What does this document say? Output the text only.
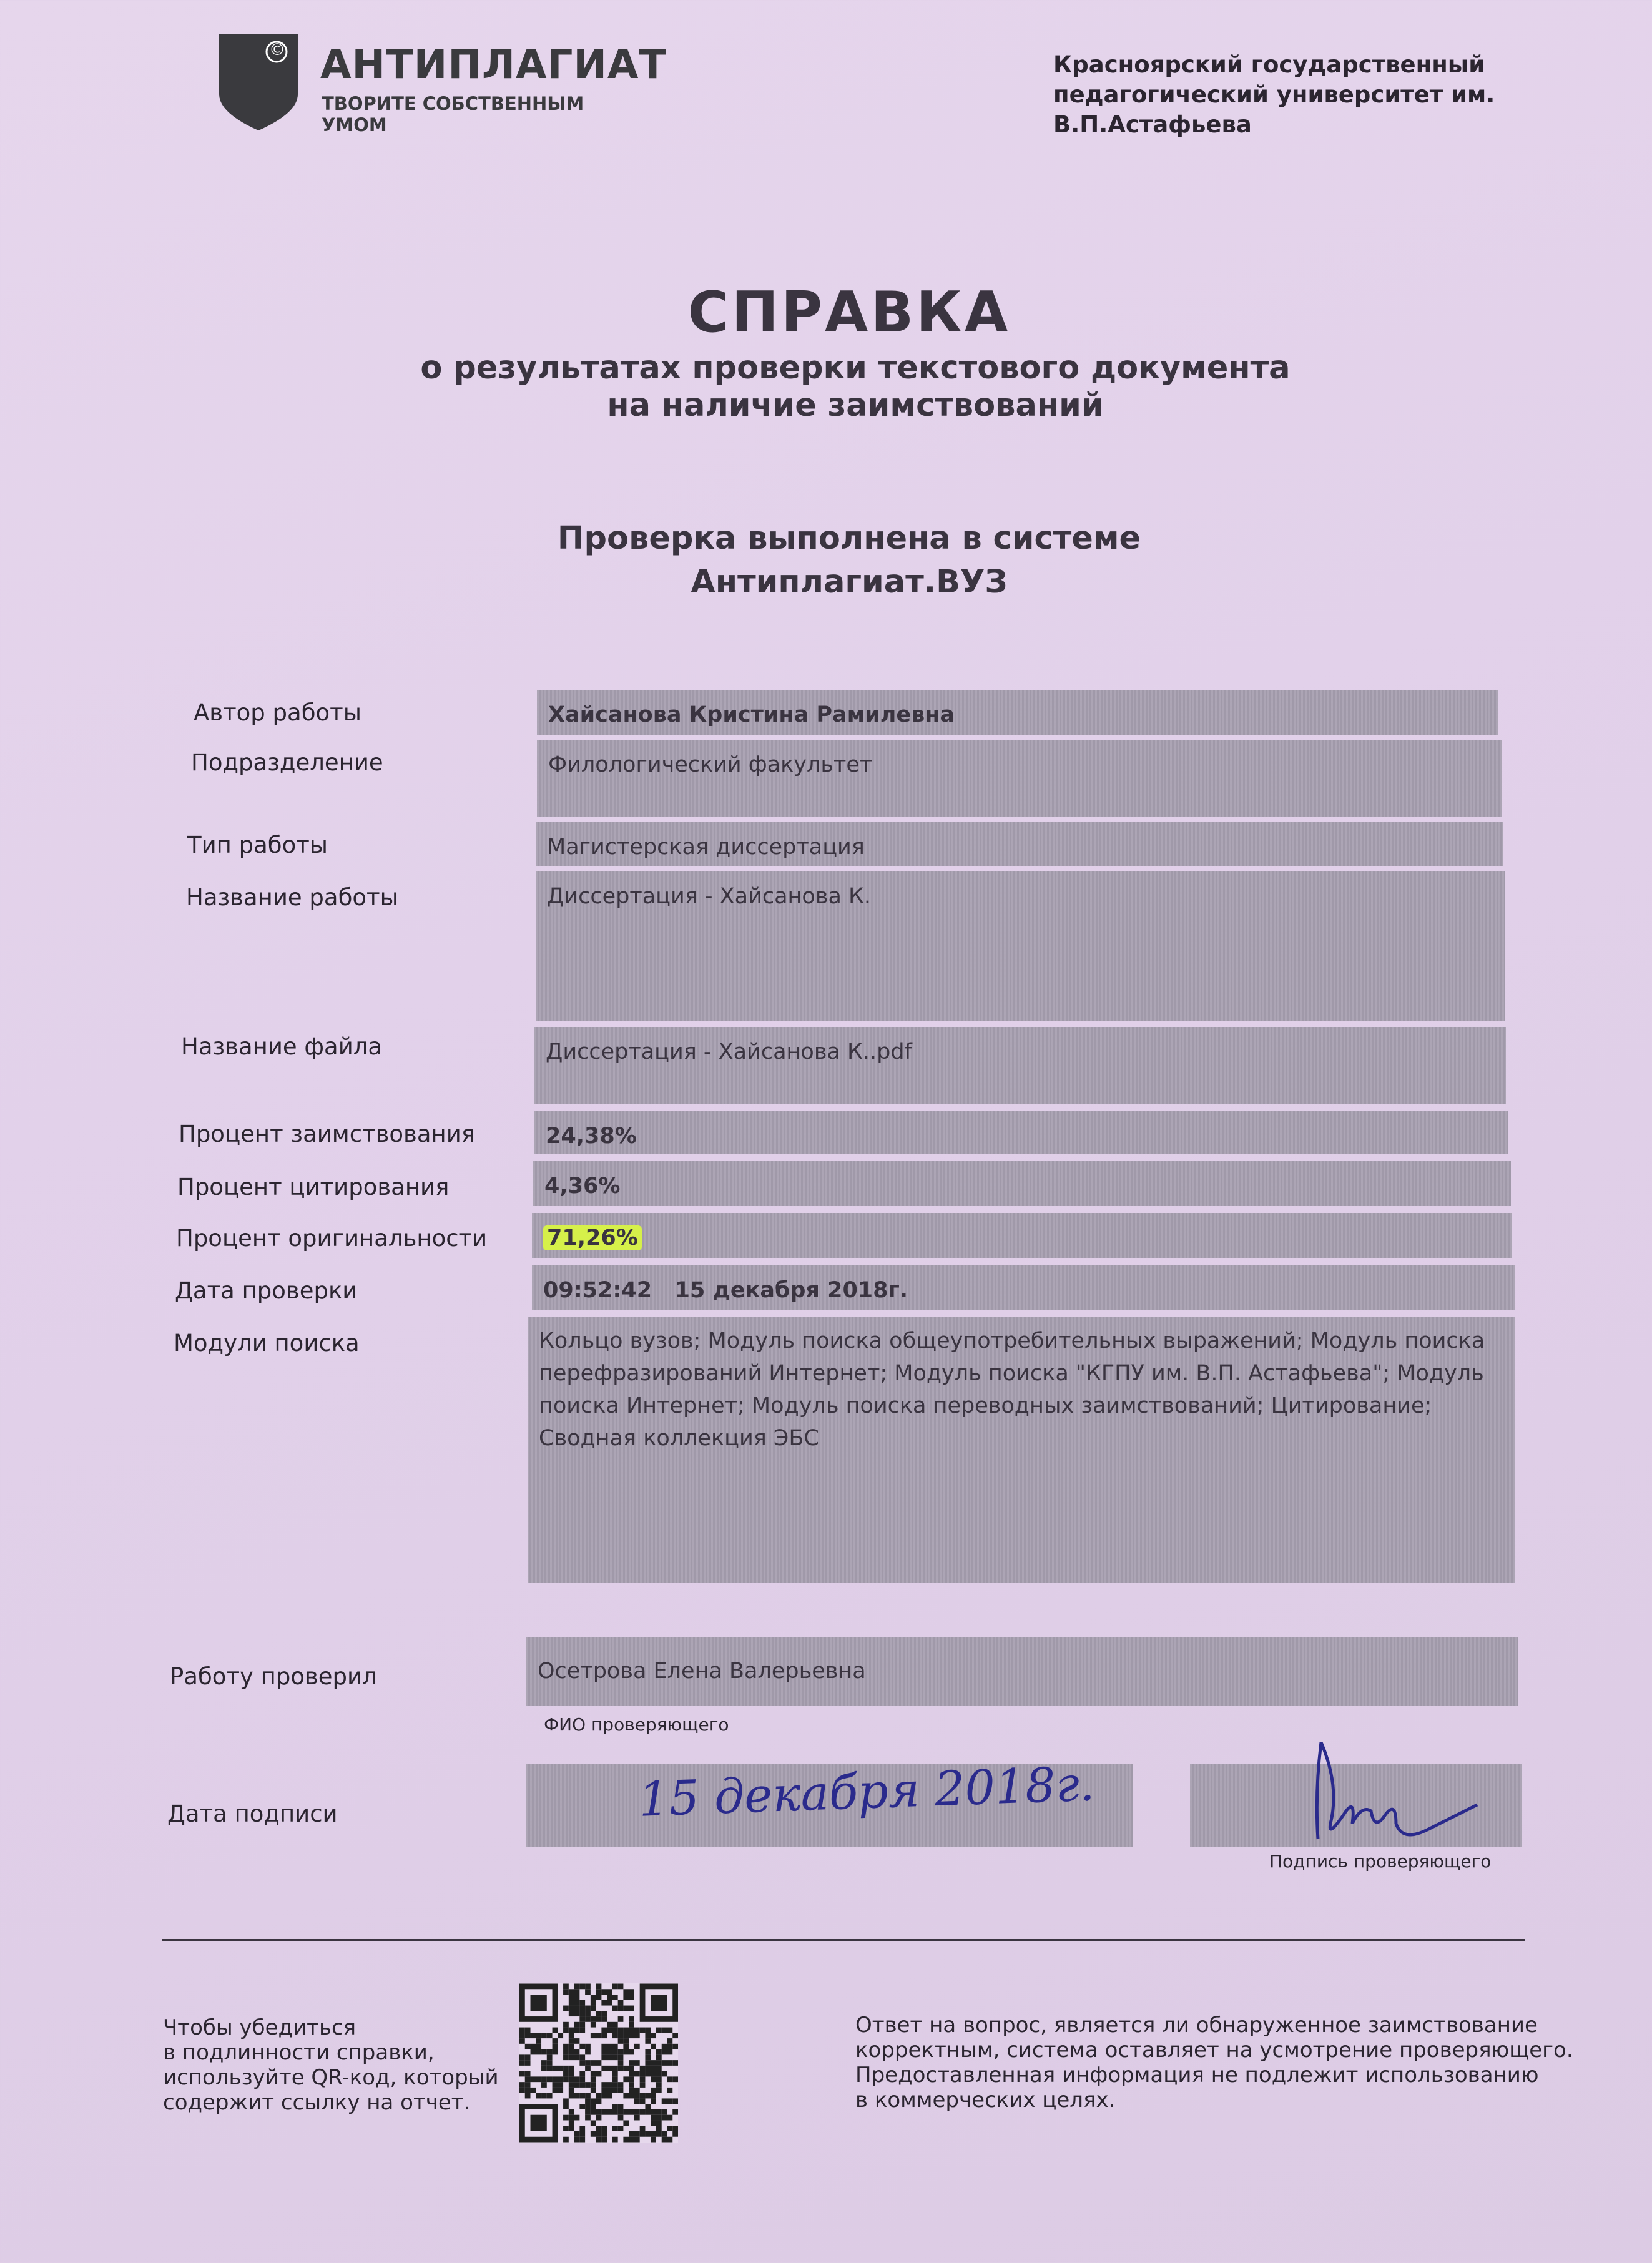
© АНТИПЛАГИАТ
ТВОРИТЕ СОБСТВЕННЫМ УМОМ
Красноярский государственный
педагогический университет им.
В.П.Астафьева
СПРАВКА
о результатах проверки текстового документа
на наличие заимствований
Проверка выполнена в системе
Антиплагиат.ВУЗ
Автор работы	Хайсанова Кристина Рамилевна
Подразделение	Филологический факультет
Тип работы	Магистерская диссертация
Название работы	Диссертация - Хайсанова К.
Название файла	Диссертация - Хайсанова К..pdf
Процент заимствования	24,38%
Процент цитирования	4,36%
Процент оригинальности	71,26%
Дата проверки	09:52:42   15 декабря 2018г.
Модули поиска	Кольцо вузов; Модуль поиска общеупотребительных выражений; Модуль поиска перефразирований Интернет; Модуль поиска "КГПУ им. В.П. Астафьева"; Модуль поиска Интернет; Модуль поиска переводных заимствований; Цитирование; Сводная коллекция ЭБС
Работу проверил	Осетрова Елена Валерьевна
ФИО проверяющего
Дата подписи	15 декабря 2018г.
Подпись проверяющего
Чтобы убедиться
в подлинности справки,
используйте QR-код, который
содержит ссылку на отчет.
Ответ на вопрос, является ли обнаруженное заимствование
корректным, система оставляет на усмотрение проверяющего.
Предоставленная информация не подлежит использованию
в коммерческих целях.
